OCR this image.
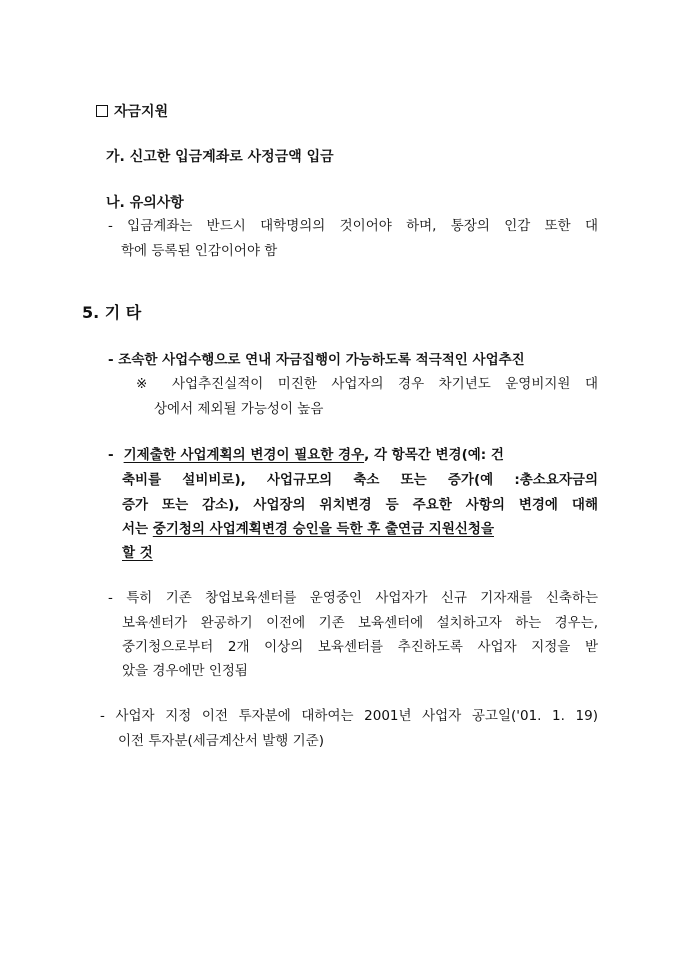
자금지원
가. 신고한 입금계좌로 사정금액 입금
나. 유의사항
- 입금계좌는 반드시 대학명의의 것이어야 하며, 통장의 인감 또한 대
학에 등록된 인감이어야 함
5. 기 타
- 조속한 사업수행으로 연내 자금집행이 가능하도록 적극적인 사업추진
※ 사업추진실적이 미진한 사업자의 경우 차기년도 운영비지원 대
상에서 제외될 가능성이 높음
- 기제출한 사업계획의 변경이 필요한 경우, 각 항목간 변경(예: 건
축비를 설비비로), 사업규모의 축소 또는 증가(예 :총소요자금의
증가 또는 감소), 사업장의 위치변경 등 주요한 사항의 변경에 대해
서는 중기청의 사업계획변경 승인을 득한 후 출연금 지원신청을
할 것
- 특히 기존 창업보육센터를 운영중인 사업자가 신규 기자재를 신축하는
보육센터가 완공하기 이전에 기존 보육센터에 설치하고자 하는 경우는,
중기청으로부터 2개 이상의 보육센터를 추진하도록 사업자 지정을 받
았을 경우에만 인정됨
- 사업자 지정 이전 투자분에 대하여는 2001년 사업자 공고일('01. 1. 19)
이전 투자분(세금계산서 발행 기준)
